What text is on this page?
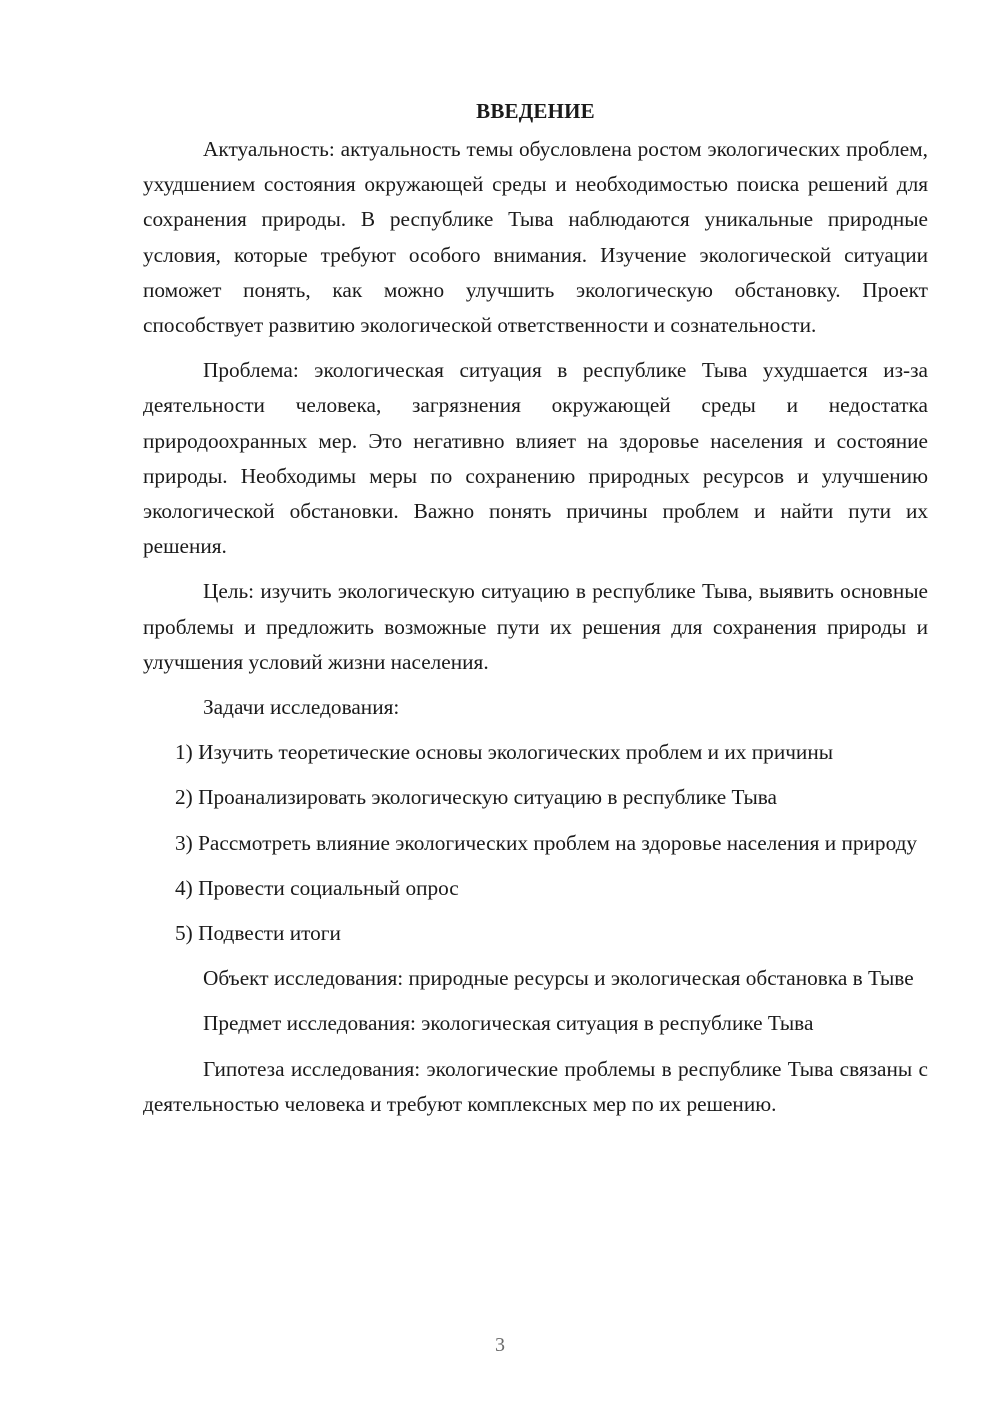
ВВЕДЕНИЕ

Актуальность: актуальность темы обусловлена ростом экологических проблем, ухудшением состояния окружающей среды и необходимостью поиска решений для сохранения природы. В республике Тыва наблюдаются уникальные природные условия, которые требуют особого внимания. Изучение экологической ситуации поможет понять, как можно улучшить экологическую обстановку. Проект способствует развитию экологической ответственности и сознательности.

Проблема: экологическая ситуация в республике Тыва ухудшается из-за деятельности человека, загрязнения окружающей среды и недостатка природоохранных мер. Это негативно влияет на здоровье населения и состояние природы. Необходимы меры по сохранению природных ресурсов и улучшению экологической обстановки. Важно понять причины проблем и найти пути их решения.

Цель: изучить экологическую ситуацию в республике Тыва, выявить основные проблемы и предложить возможные пути их решения для сохранения природы и улучшения условий жизни населения.

Задачи исследования:

1) Изучить теоретические основы экологических проблем и их причины

2) Проанализировать экологическую ситуацию в республике Тыва

3) Рассмотреть влияние экологических проблем на здоровье населения и природу

4) Провести социальный опрос

5) Подвести итоги

Объект исследования: природные ресурсы и экологическая обстановка в Тыве

Предмет исследования: экологическая ситуация в республике Тыва

Гипотеза исследования: экологические проблемы в республике Тыва связаны с деятельностью человека и требуют комплексных мер по их решению.

3
